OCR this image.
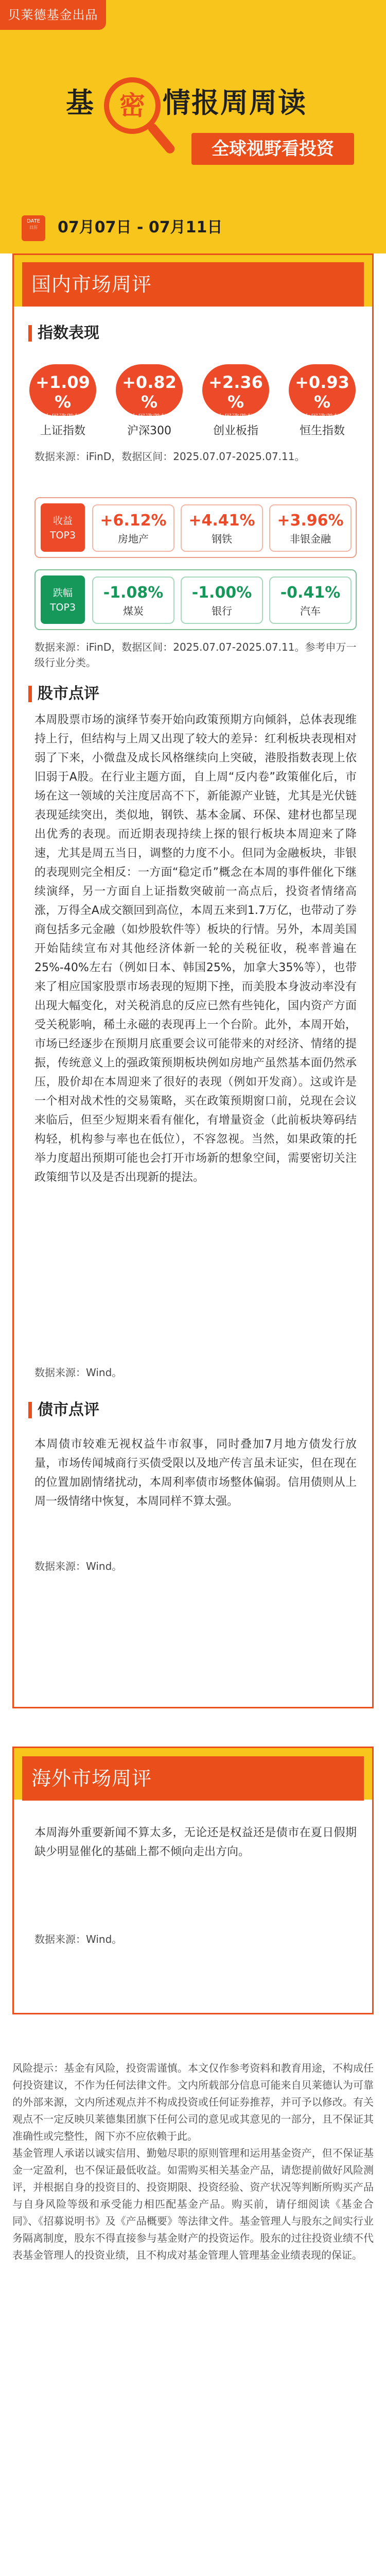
贝莱德基金出品
基 密 情报周周读
全球视野看投资
DATE
日历	07月07日 - 07月11日
国内市场周评
指数表现
+1.09 %
本周涨跌幅
上证指数
+0.82 %
本周涨跌幅
沪深300
+2.36 %
本周涨跌幅
创业板指
+0.93 %
本周涨跌幅
恒生指数
数据来源：iFinD，数据区间：2025.07.07-2025.07.11。
收益
TOP3
+6.12%
房地产
+4.41%
钢铁
+3.96%
非银金融
跌幅
TOP3
-1.08%
煤炭
-1.00%
银行
-0.41%
汽车
数据来源：iFinD，数据区间：2025.07.07-2025.07.11。参考申万一级行业分类。
股市点评
本周股票市场的演绎节奏开始向政策预期方向倾斜，总体表现维持上行，但结构与上周又出现了较大的差异：红利板块表现相对弱了下来，小微盘及成长风格继续向上突破，港股指数表现上依旧弱于A股。在行业主题方面，自上周“反内卷”政策催化后，市场在这一领域的关注度居高不下，新能源产业链，尤其是光伏链表现延续突出，类似地，钢铁、基本金属、环保、建材也都呈现出优秀的表现。而近期表现持续上探的银行板块本周迎来了降速，尤其是周五当日，调整的力度不小。但同为金融板块，非银的表现则完全相反：一方面“稳定币”概念在本周的事件催化下继续演绎，另一方面自上证指数突破前一高点后，投资者情绪高涨，万得全A成交额回到高位，本周五来到1.7万亿，也带动了券商包括多元金融（如炒股软件等）板块的行情。另外，本周美国开始陆续宣布对其他经济体新一轮的关税征收，税率普遍在25%-40%左右（例如日本、韩国25%，加拿大35%等），也带来了相应国家股票市场表现的短期下挫，而美股本身波动率没有出现大幅变化，对关税消息的反应已然有些钝化，国内资产方面受关税影响，稀土永磁的表现再上一个台阶。此外，本周开始，市场已经逐步在预期月底重要会议可能带来的对经济、情绪的提振，传统意义上的强政策预期板块例如房地产虽然基本面仍然承压，股价却在本周迎来了很好的表现（例如开发商）。这或许是一个相对战术性的交易策略，买在政策预期窗口前，兑现在会议来临后，但至少短期来看有催化，有增量资金（此前板块筹码结构轻，机构参与率也在低位），不容忽视。当然，如果政策的托举力度超出预期可能也会打开市场新的想象空间，需要密切关注政策细节以及是否出现新的提法。
数据来源：Wind。
债市点评
本周债市较难无视权益牛市叙事，同时叠加7月地方债发行放量，市场传闻城商行买债受限以及地产传言虽未证实，但在现在的位置加剧情绪扰动，本周利率债市场整体偏弱。信用债则从上周一级情绪中恢复，本周同样不算太强。
数据来源：Wind。
海外市场周评
本周海外重要新闻不算太多，无论还是权益还是债市在夏日假期缺少明显催化的基础上都不倾向走出方向。
数据来源：Wind。

风险提示：基金有风险，投资需谨慎。本文仅作参考资料和教育用途，不构成任何投资建议，不作为任何法律文件。文内所载部分信息可能来自贝莱德认为可靠的外部来源，文内所述观点并不构成投资或任何证券推荐，并可予以修改。有关观点不一定反映贝莱德集团旗下任何公司的意见或其意见的一部分，且不保证其准确性或完整性，阁下亦不应依赖于此。

基金管理人承诺以诚实信用、勤勉尽职的原则管理和运用基金资产，但不保证基金一定盈利，也不保证最低收益。如需购买相关基金产品，请您提前做好风险测评，并根据自身的投资目的、投资期限、投资经验、资产状况等判断所购买产品与自身风险等级和承受能力相匹配基金产品。购买前，请仔细阅读《基金合同》、《招募说明书》及《产品概要》等法律文件。基金管理人与股东之间实行业务隔离制度，股东不得直接参与基金财产的投资运作。股东的过往投资业绩不代表基金管理人的投资业绩，且不构成对基金管理人管理基金业绩表现的保证。
